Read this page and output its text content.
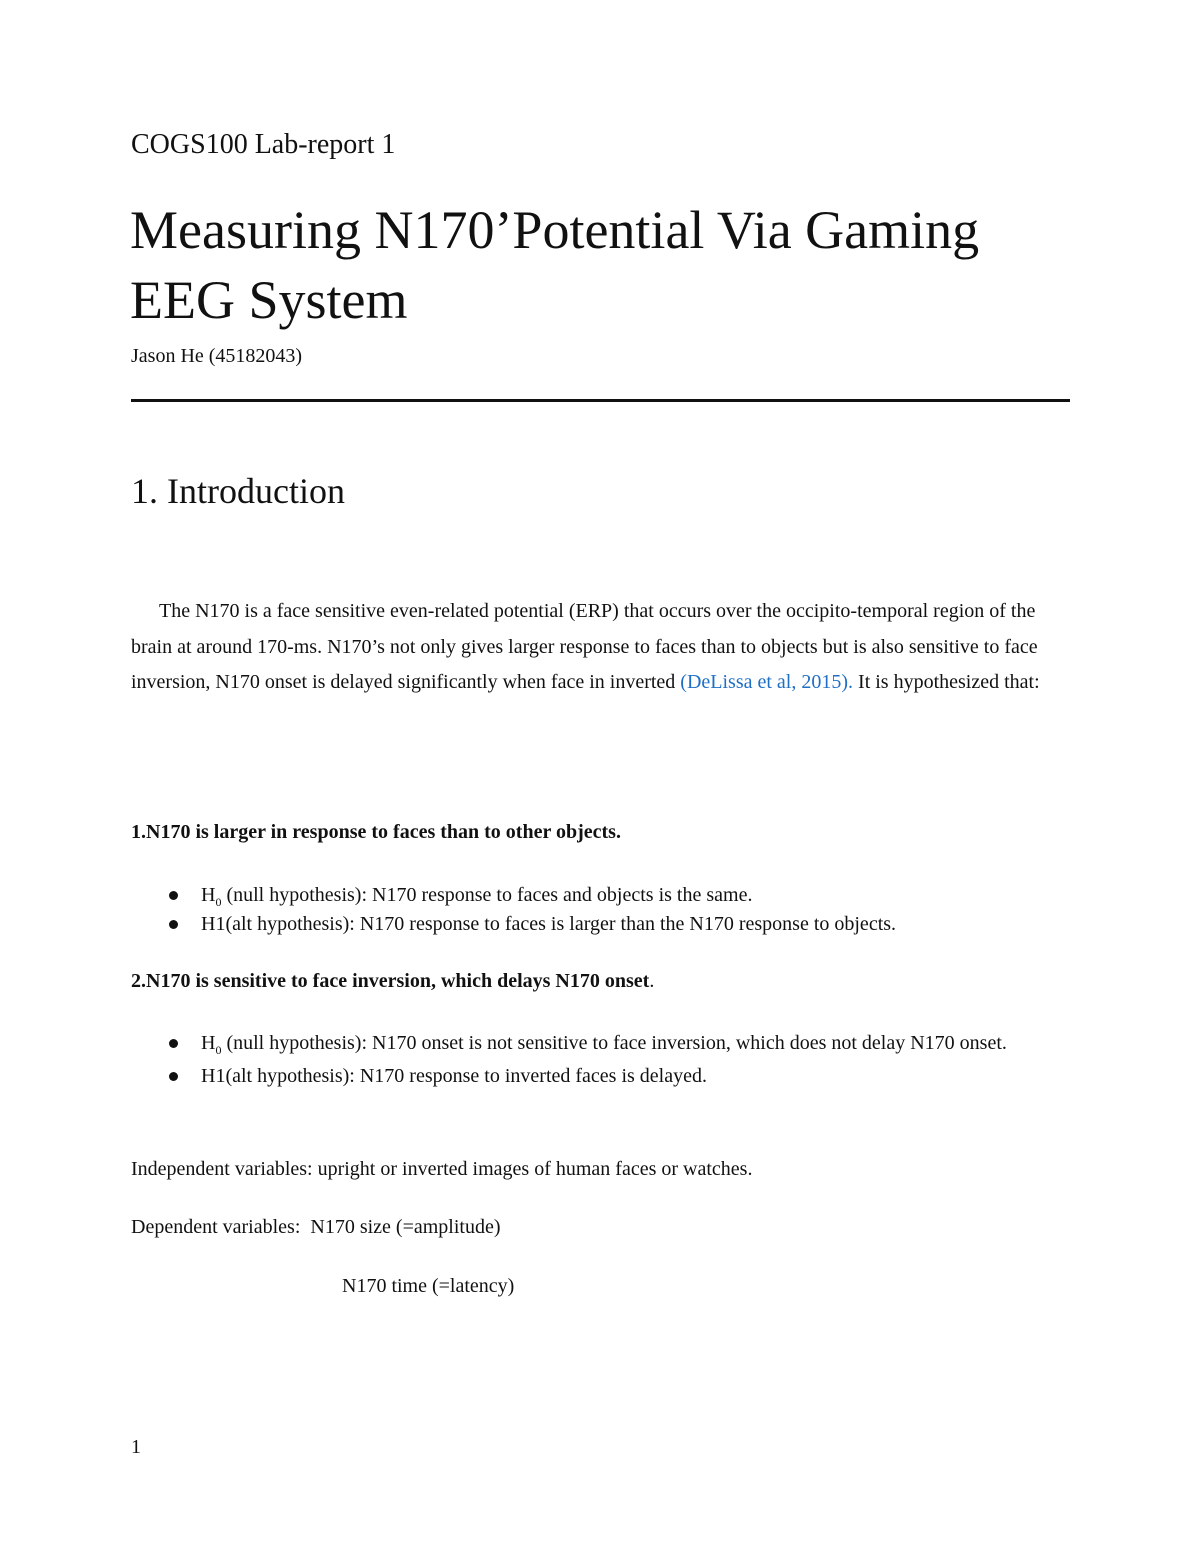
COGS100 Lab-report 1
Measuring N170’Potential Via Gaming
EEG System
Jason He (45182043)
1. Introduction

The N170 is a face sensitive even-related potential (ERP) that occurs over the occipito-temporal region of the brain at around 170-ms. N170’s not only gives larger response to faces than to objects but is also sensitive to face inversion, N170 onset is delayed significantly when face in inverted (DeLissa et al, 2015). It is hypothesized that:

1.N170 is larger in response to faces than to other objects.
$H_0$ (null hypothesis): N170 response to faces and objects is the same.
H1(alt hypothesis): N170 response to faces is larger than the N170 response to objects.
2.N170 is sensitive to face inversion, which delays N170 onset.
$H_0$ (null hypothesis): N170 onset is not sensitive to face inversion, which does not delay N170 onset.
H1(alt hypothesis): N170 response to inverted faces is delayed.
Independent variables: upright or inverted images of human faces or watches.
Dependent variables:  N170 size (=amplitude)
N170 time (=latency)
1
